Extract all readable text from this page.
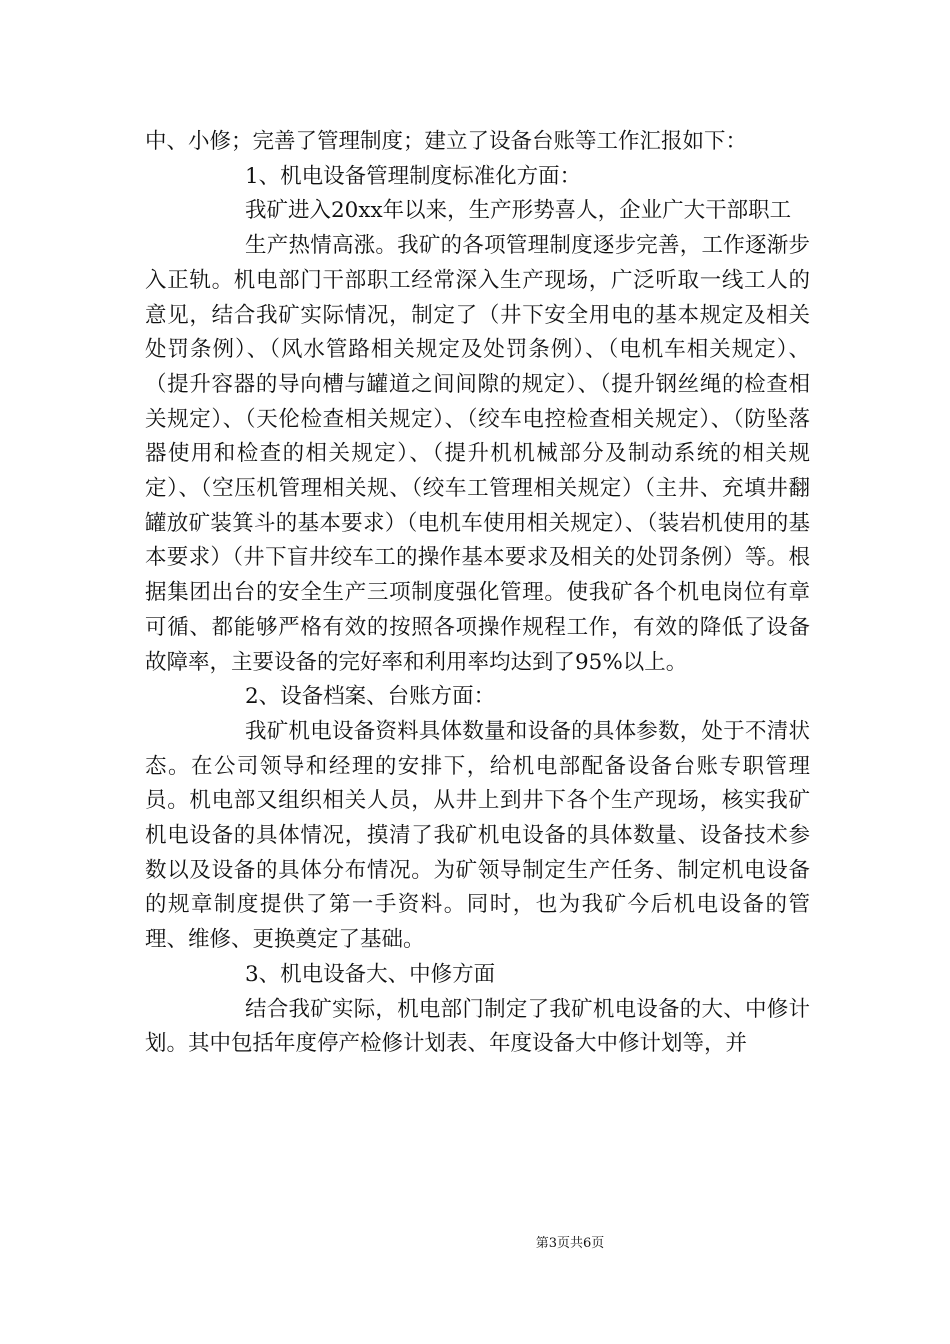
中、小修；完善了管理制度；建立了设备台账等工作汇报如下：

1、机电设备管理制度标准化方面：

我矿进入20xx年以来，生产形势喜人，企业广大干部职工

生产热情高涨。我矿的各项管理制度逐步完善，工作逐渐步入正轨。机电部门干部职工经常深入生产现场，广泛听取一线工人的意见，结合我矿实际情况，制定了（井下安全用电的基本规定及相关处罚条例）、（风水管路相关规定及处罚条例）、（电机车相关规定）、（提升容器的导向槽与罐道之间间隙的规定）、（提升钢丝绳的检查相关规定）、（天伦检查相关规定）、（绞车电控检查相关规定）、（防坠落器使用和检查的相关规定）、（提升机机械部分及制动系统的相关规定）、（空压机管理相关规、（绞车工管理相关规定）（主井、充填井翻罐放矿装箕斗的基本要求）（电机车使用相关规定）、（装岩机使用的基本要求）（井下盲井绞车工的操作基本要求及相关的处罚条例）等。根据集团出台的安全生产三项制度强化管理。使我矿各个机电岗位有章可循、都能够严格有效的按照各项操作规程工作，有效的降低了设备故障率，主要设备的完好率和利用率均达到了95%以上。

2、设备档案、台账方面：

我矿机电设备资料具体数量和设备的具体参数，处于不清状态。在公司领导和经理的安排下，给机电部配备设备台账专职管理员。机电部又组织相关人员，从井上到井下各个生产现场，核实我矿机电设备的具体情况，摸清了我矿机电设备的具体数量、设备技术参数以及设备的具体分布情况。为矿领导制定生产任务、制定机电设备的规章制度提供了第一手资料。同时，也为我矿今后机电设备的管理、维修、更换奠定了基础。

3、机电设备大、中修方面

结合我矿实际，机电部门制定了我矿机电设备的大、中修计划。其中包括年度停产检修计划表、年度设备大中修计划等，并

第3页共6页
